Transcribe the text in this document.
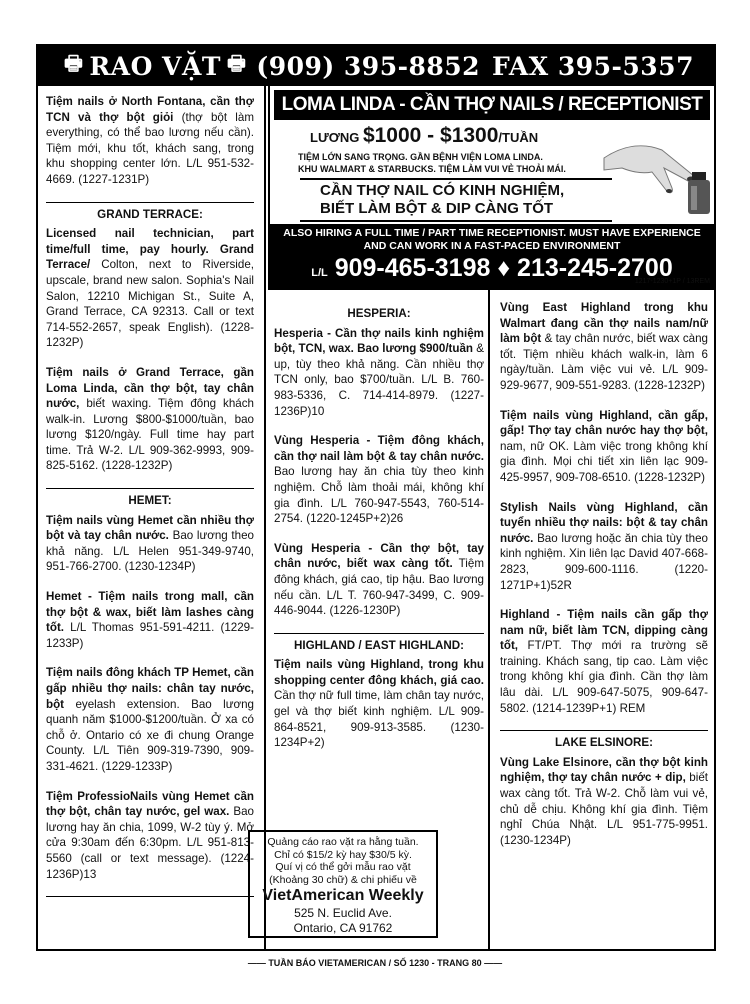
🖶 RAO VẶT 🖶 (909) 395-8852 FAX 395-5357

Tiệm nails ở North Fontana, cần thợ TCN và thợ bột giỏi (thợ bột làm everything, có thể bao lương nếu cần). Tiệm mới, khu tốt, khách sang, trong khu shopping center lớn. L/L 951-532-4669. (1227-1231P)

GRAND TERRACE:

Licensed nail technician, part time/full time, pay hourly. Grand Terrace/ Colton, next to Riverside, upscale, brand new salon. Sophia's Nail Salon, 12210 Michigan St., Suite A, Grand Terrace, CA 92313. Call or text 714-552-2657, speak English). (1228-1232P)

Tiệm nails ở Grand Terrace, gần Loma Linda, cần thợ bột, tay chân nước, biết waxing. Tiệm đông khách walk-in. Lương $800-$1000/tuần, bao lương $120/ngày. Full time hay part time. Trả W-2. L/L 909-362-9993, 909-825-5162. (1228-1232P)

HEMET:

Tiệm nails vùng Hemet cần nhiều thợ bột và tay chân nước. Bao lương theo khả năng. L/L Helen 951-349-9740, 951-766-2700. (1230-1234P)

Hemet - Tiệm nails trong mall, cần thợ bột & wax, biết làm lashes càng tốt. L/L Thomas 951-591-4211. (1229-1233P)

Tiệm nails đông khách TP Hemet, cần gấp nhiều thợ nails: chân tay nước, bột eyelash extension. Bao lương quanh năm $1000-$1200/tuần. Ở xa có chỗ ở. Ontario có xe đi chung Orange County. L/L Tiên 909-319-7390, 909-331-4621. (1229-1233P)

Tiệm ProfessioNails vùng Hemet cần thợ bột, chân tay nước, gel wax. Bao lương hay ăn chia, 1099, W-2 tùy ý. Mở cửa 9:30am đến 6:30pm. L/L 951-813-5560 (call or text message). (1224-1236P)13

LOMA LINDA - CẦN THỢ NAILS / RECEPTIONIST
LƯƠNG $1000 - $1300/TUẦN
TIỆM LỚN SANG TRỌNG. GẦN BỆNH VIỆN LOMA LINDA.
KHU WALMART & STARBUCKS. TIỆM LÀM VUI VẺ THOẢI MÁI.
CẦN THỢ NAIL CÓ KINH NGHIỆM,
BIẾT LÀM BỘT & DIP CÀNG TỐT
ALSO HIRING A FULL TIME / PART TIME RECEPTIONIST. MUST HAVE EXPERIENCE
AND CAN WORK IN A FAST-PACED ENVIRONMENT
L/L 909-465-3198 ♦ 213-245-2700
1217-1230+1P / 13REM
HESPERIA:

Hesperia - Cần thợ nails kinh nghiệm bột, TCN, wax. Bao lương $900/tuần & up, tùy theo khả năng. Cần nhiều thợ TCN only, bao $700/tuần. L/L B. 760-983-5336, C. 714-414-8979. (1227-1236P)10

Vùng Hesperia - Tiệm đông khách, cần thợ nail làm bột & tay chân nước. Bao lương hay ăn chia tùy theo kinh nghiệm. Chỗ làm thoải mái, không khí gia đình. L/L 760-947-5543, 760-514-2754. (1220-1245P+2)26

Vùng Hesperia - Cần thợ bột, tay chân nước, biết wax càng tốt. Tiệm đông khách, giá cao, tip hậu. Bao lương nếu cần. L/L T. 760-947-3499, C. 909-446-9044. (1226-1230P)

HIGHLAND / EAST HIGHLAND:

Tiệm nails vùng Highland, trong khu shopping center đông khách, giá cao. Cần thợ nữ full time, làm chân tay nước, gel và thợ biết kinh nghiệm. L/L 909-864-8521, 909-913-3585. (1230-1234P+2)

Vùng East Highland trong khu Walmart đang cần thợ nails nam/nữ làm bột & tay chân nước, biết wax càng tốt. Tiệm nhiều khách walk-in, làm 6 ngày/tuần. Làm việc vui vẻ. L/L 909-929-9677, 909-551-9283. (1228-1232P)

Tiệm nails vùng Highland, cần gấp, gấp! Thợ tay chân nước hay thợ bột, nam, nữ OK. Làm việc trong không khí gia đình. Mọi chi tiết xin liên lạc 909-425-9957, 909-708-6510. (1228-1232P)

Stylish Nails vùng Highland, cần tuyển nhiều thợ nails: bột & tay chân nước. Bao lương hoặc ăn chia tùy theo kinh nghiệm. Xin liên lạc David 407-668-2823, 909-600-1116. (1220-1271P+1)52R

Highland - Tiệm nails cần gấp thợ nam nữ, biết làm TCN, dipping càng tốt, FT/PT. Thợ mới ra trường sẽ training. Khách sang, tip cao. Làm việc trong không khí gia đình. Cần thợ làm lâu dài. L/L 909-647-5075, 909-647-5802. (1214-1239P+1) REM

LAKE ELSINORE:

Vùng Lake Elsinore, cần thợ bột kinh nghiệm, thợ tay chân nước + dip, biết wax càng tốt. Trả W-2. Chỗ làm vui vẻ, chủ dễ chịu. Không khí gia đình. Tiệm nghỉ Chúa Nhật. L/L 951-775-9951. (1230-1234P)

Quảng cáo rao vặt ra hằng tuần.
Chỉ có $15/2 kỳ hay $30/5 kỳ.
Quí vị có thể gởi mẫu rao vặt
(Khoảng 30 chữ) & chi phiếu về
VietAmerican Weekly
525 N. Euclid Ave.
Ontario, CA 91762
—— TUẦN BÁO VIETAMERICAN / SỐ 1230 - TRANG 80 ——
